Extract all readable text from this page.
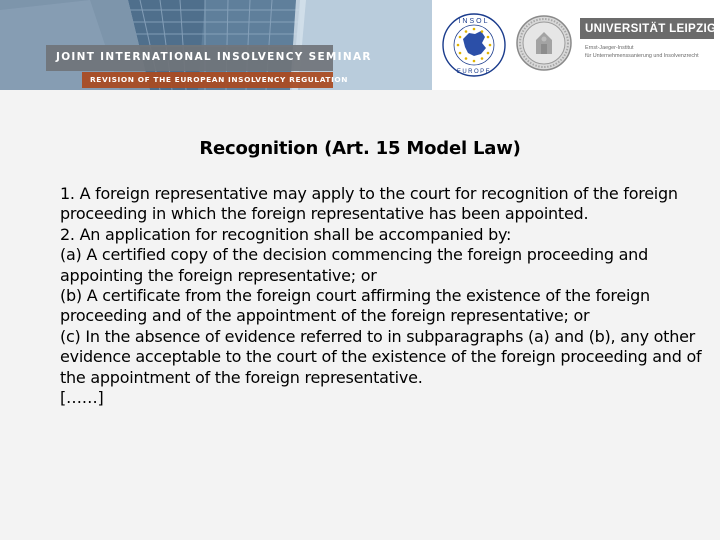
JOINT INTERNATIONAL INSOLVENCY SEMINAR

REVISION OF THE EUROPEAN INSOLVENCY REGULATION

INSOL
EUROPE
UNIVERSITÄT LEIPZIG
Ernst-Jaeger-Institut
für Unternehmenssanierung und Insolvenzrecht
Recognition (Art. 15 Model Law)

1. A foreign representative may apply to the court for recognition of the foreign proceeding in which the foreign representative has been appointed.

2. An application for recognition shall be accompanied by:

(a) A certified copy of the decision commencing the foreign proceeding and appointing the foreign representative; or

(b) A certificate from the foreign court affirming the existence of the foreign proceeding and of the appointment of the foreign representative; or

(c) In the absence of evidence referred to in subparagraphs (a) and (b), any other evidence acceptable to the court of the existence of the foreign proceeding and of the appointment of the foreign representative.

[……]
